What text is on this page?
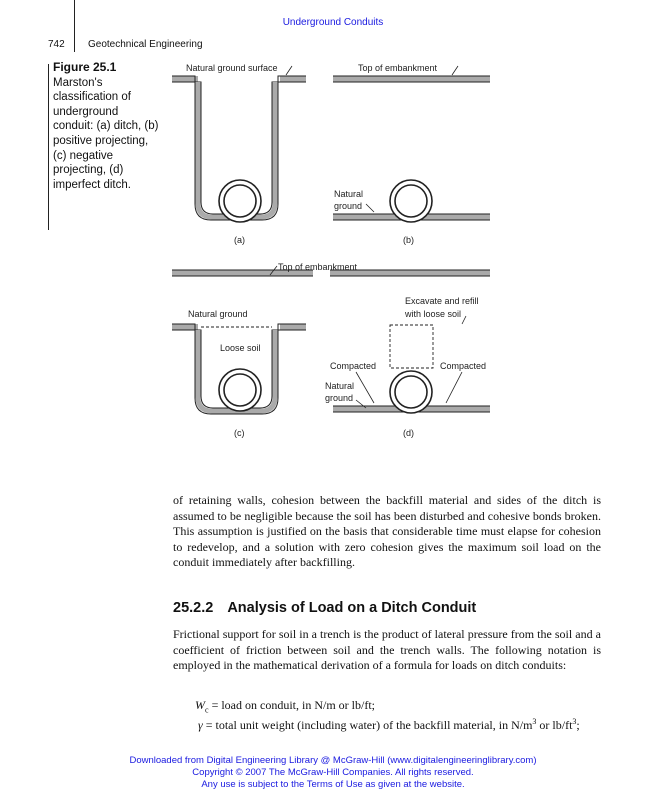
Underground Conduits
742 Geotechnical Engineering
Figure 25.1
Marston's classification of underground conduit: (a) ditch, (b) positive projecting, (c) negative projecting, (d) imperfect ditch.
Natural ground surface
(a)
Top of embankment
Natural
ground
(b)
Top of embankment
Natural ground
Loose soil
(c)
Excavate and refill
with loose soil
Compacted	Compacted
Natural
ground
(d)
of retaining walls, cohesion between the backfill material and sides of the ditch is assumed to be negligible because the soil has been disturbed and cohesive bonds broken. This assumption is justified on the basis that considerable time must elapse for cohesion to redevelop, and a solution with zero cohesion gives the maximum soil load on the conduit immediately after backfilling.
25.2.2 Analysis of Load on a Ditch Conduit
Frictional support for soil in a trench is the product of lateral pressure from the soil and a coefficient of friction between soil and the trench walls. The following notation is employed in the mathematical derivation of a formula for loads on ditch conduits:
$W_c$ = load on conduit, in N/m or lb/ft;
γ = total unit weight (including water) of the backfill material, in $N/m^3$ or $lb/ft^3$;
Downloaded from Digital Engineering Library @ McGraw-Hill (www.digitalengineeringlibrary.com)
Copyright © 2007 The McGraw-Hill Companies. All rights reserved.
Any use is subject to the Terms of Use as given at the website.
